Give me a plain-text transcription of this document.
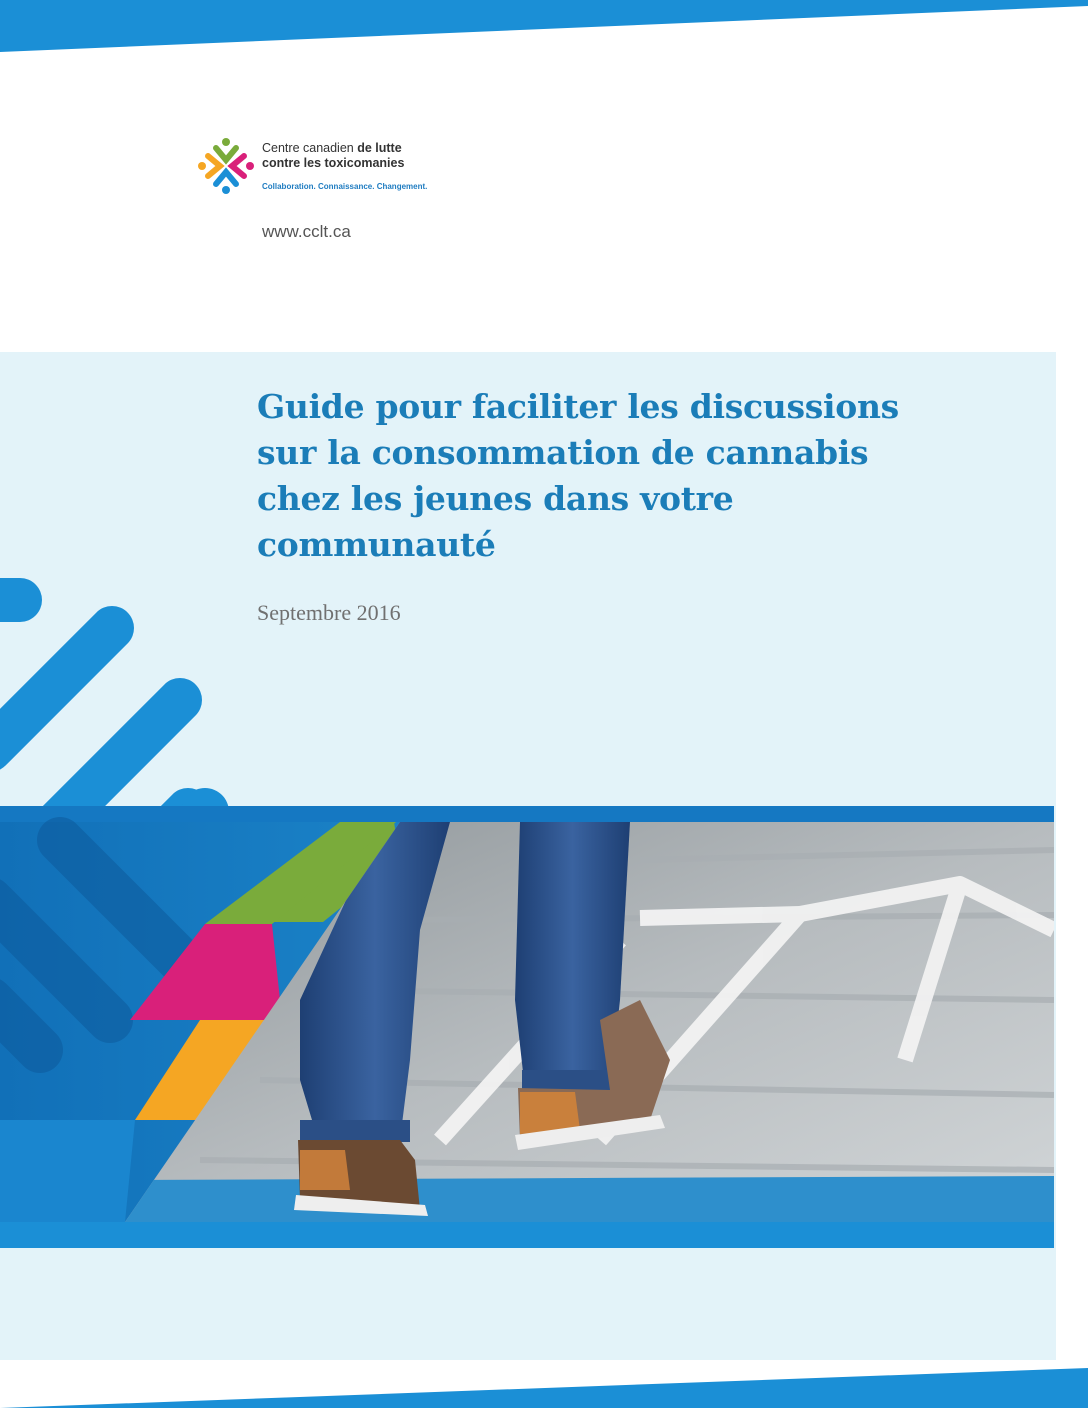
Centre canadien de lutte
contre les toxicomanies
Collaboration. Connaissance. Changement.
www.cclt.ca
Guide pour faciliter les discussions
sur la consommation de cannabis
chez les jeunes dans votre
communauté
Septembre 2016
